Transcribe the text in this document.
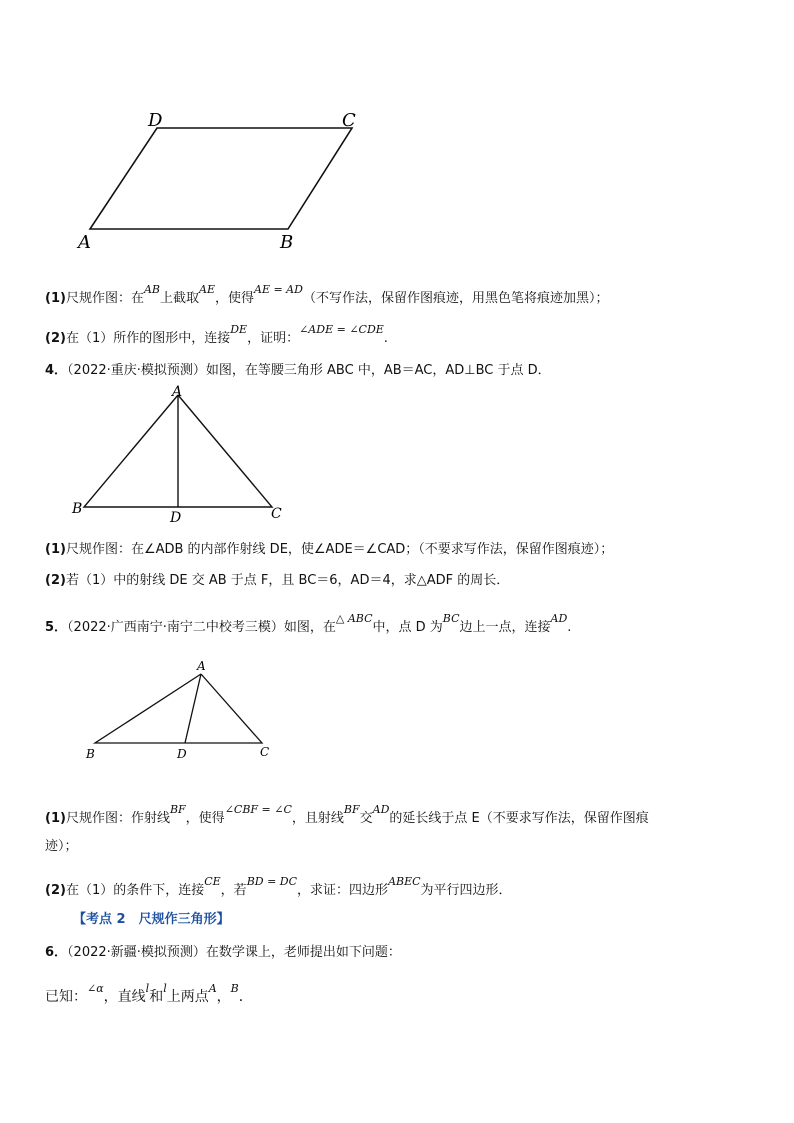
D	C
A	B
(1)尺规作图：在$^{AB}$上截取$^{AE}$，使得$^{AE = AD}$（不写作法，保留作图痕迹，用黑色笔将痕迹加黑）；
(2)在（1）所作的图形中，连接$^{DE}$，证明：$^{\angle ADE = \angle CDE}$.
4．（2022·重庆·模拟预测）如图，在等腰三角形 ABC 中，AB＝AC，AD⊥BC 于点 D．
A
B	C
D
(1)尺规作图：在∠ADB 的内部作射线 DE，使∠ADE＝∠CAD；（不要求写作法，保留作图痕迹）；
(2)若（1）中的射线 DE 交 AB 于点 F，且 BC＝6，AD＝4，求△ADF 的周长．
5．（2022·广西南宁·南宁二中校考三模）如图，在$^{\triangle ABC}$中，点 D 为$^{BC}$边上一点，连接$^{AD}$.
A
B	C
D
(1)尺规作图：作射线$^{BF}$，使得$^{\angle CBF = \angle C}$，且射线$^{BF}$交$^{AD}$的延长线于点 E（不要求写作法，保留作图痕
迹）；
(2)在（1）的条件下，连接$^{CE}$，若$^{BD = DC}$，求证：四边形$^{ABEC}$为平行四边形．
【考点 2　尺规作三角形】
6．（2022·新疆·模拟预测）在数学课上，老师提出如下问题：
已知：$^{\angle\alpha}$，直线$^l$和$^l$上两点$^A$，$^B$．
